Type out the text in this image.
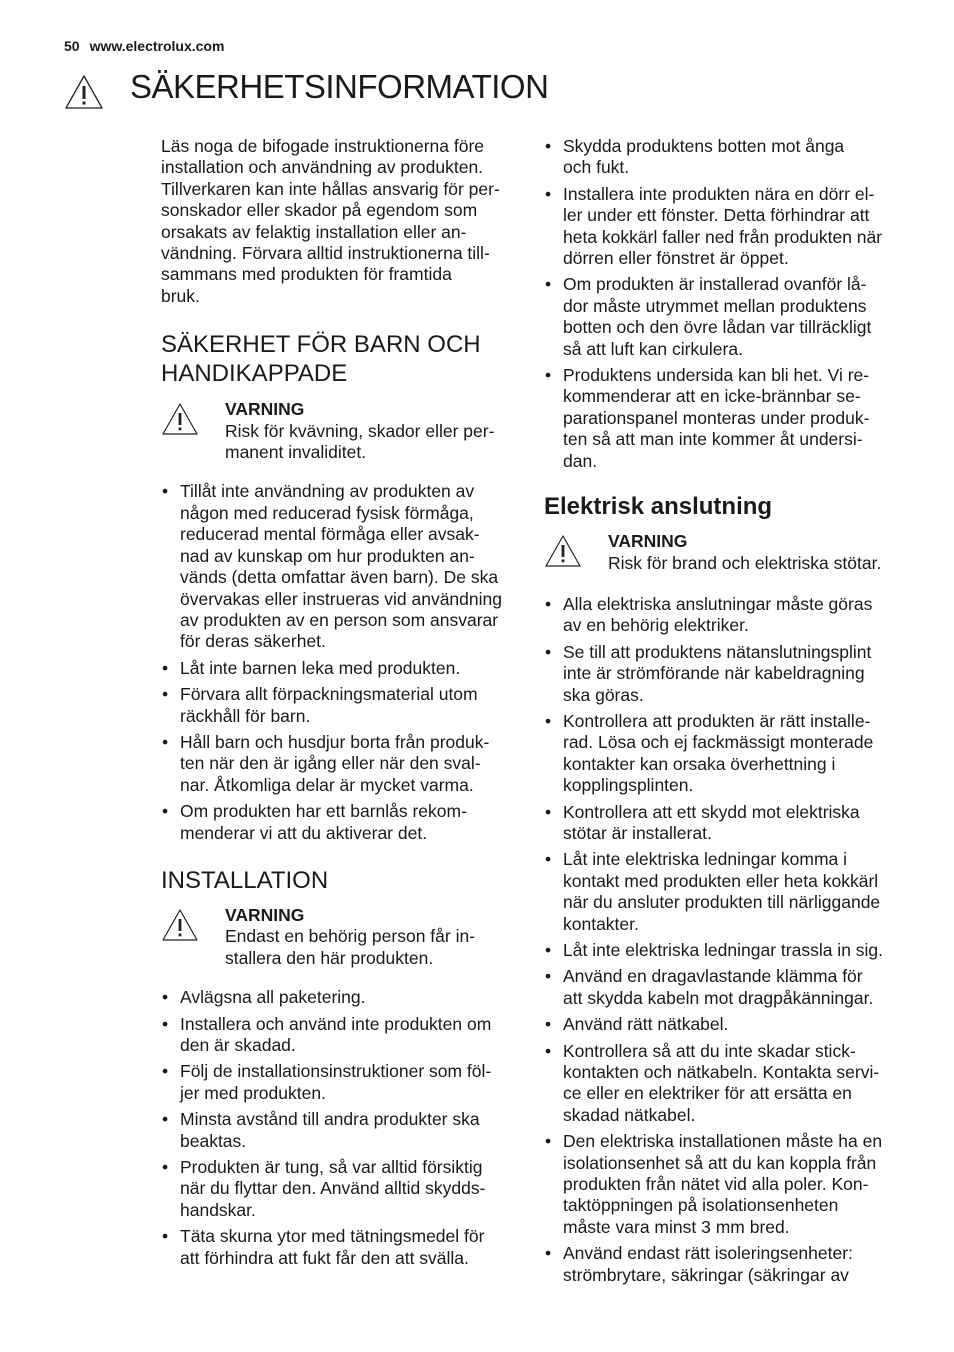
50 www.electrolux.com
SÄKERHETSINFORMATION

Läs noga de bifogade instruktionerna före
installation och användning av produkten.
Tillverkaren kan inte hållas ansvarig för per-
sonskador eller skador på egendom som
orsakats av felaktig installation eller an-
vändning. Förvara alltid instruktionerna till-
sammans med produkten för framtida
bruk.

SÄKERHET FÖR BARN OCH
HANDIKAPPADE
VARNING
Risk för kvävning, skador eller per-
manent invaliditet.
• Tillåt inte användning av produkten av
någon med reducerad fysisk förmåga,
reducerad mental förmåga eller avsak-
nad av kunskap om hur produkten an-
vänds (detta omfattar även barn). De ska
övervakas eller instrueras vid användning
av produkten av en person som ansvarar
för deras säkerhet.
• Låt inte barnen leka med produkten.
• Förvara allt förpackningsmaterial utom
räckhåll för barn.
• Håll barn och husdjur borta från produk-
ten när den är igång eller när den sval-
nar. Åtkomliga delar är mycket varma.
• Om produkten har ett barnlås rekom-
menderar vi att du aktiverar det.
INSTALLATION
VARNING
Endast en behörig person får in-
stallera den här produkten.
• Avlägsna all paketering.
• Installera och använd inte produkten om
den är skadad.
• Följ de installationsinstruktioner som föl-
jer med produkten.
• Minsta avstånd till andra produkter ska
beaktas.
• Produkten är tung, så var alltid försiktig
när du flyttar den. Använd alltid skydds-
handskar.
• Täta skurna ytor med tätningsmedel för
att förhindra att fukt får den att svälla.
• Skydda produktens botten mot ånga
och fukt.
• Installera inte produkten nära en dörr el-
ler under ett fönster. Detta förhindrar att
heta kokkärl faller ned från produkten när
dörren eller fönstret är öppet.
• Om produkten är installerad ovanför lå-
dor måste utrymmet mellan produktens
botten och den övre lådan var tillräckligt
så att luft kan cirkulera.
• Produktens undersida kan bli het. Vi re-
kommenderar att en icke-brännbar se-
parationspanel monteras under produk-
ten så att man inte kommer åt undersi-
dan.
Elektrisk anslutning
VARNING
Risk för brand och elektriska stötar.
• Alla elektriska anslutningar måste göras
av en behörig elektriker.
• Se till att produktens nätanslutningsplint
inte är strömförande när kabeldragning
ska göras.
• Kontrollera att produkten är rätt installe-
rad. Lösa och ej fackmässigt monterade
kontakter kan orsaka överhettning i
kopplingsplinten.
• Kontrollera att ett skydd mot elektriska
stötar är installerat.
• Låt inte elektriska ledningar komma i
kontakt med produkten eller heta kokkärl
när du ansluter produkten till närliggande
kontakter.
• Låt inte elektriska ledningar trassla in sig.
• Använd en dragavlastande klämma för
att skydda kabeln mot dragpåkänningar.
• Använd rätt nätkabel.
• Kontrollera så att du inte skadar stick-
kontakten och nätkabeln. Kontakta servi-
ce eller en elektriker för att ersätta en
skadad nätkabel.
• Den elektriska installationen måste ha en
isolationsenhet så att du kan koppla från
produkten från nätet vid alla poler. Kon-
taktöppningen på isolationsenheten
måste vara minst 3 mm bred.
• Använd endast rätt isoleringsenheter:
strömbrytare, säkringar (säkringar av
